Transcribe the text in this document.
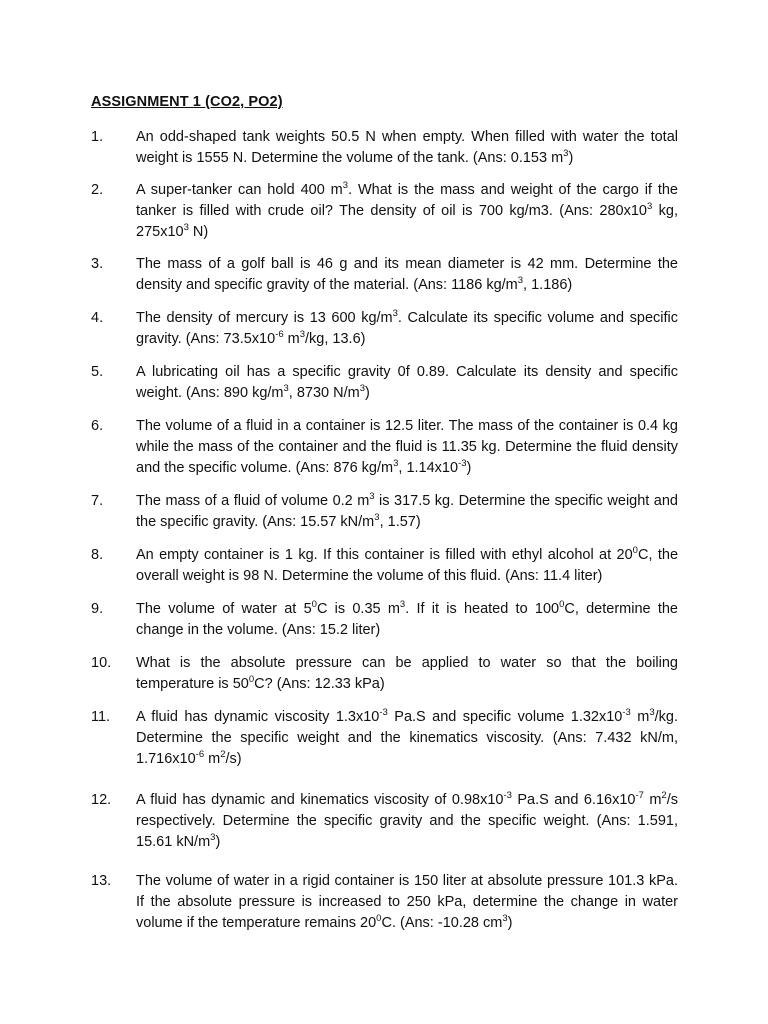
ASSIGNMENT 1 (CO2, PO2)
1. An odd-shaped tank weights 50.5 N when empty. When filled with water the total weight is 1555 N. Determine the volume of the tank. (Ans: 0.153 $m^3$)
2. A super-tanker can hold 400 $m^3$. What is the mass and weight of the cargo if the tanker is filled with crude oil? The density of oil is 700 kg/m3. (Ans: $280x10^3$ kg, $275x10^3$ N)
3. The mass of a golf ball is 46 g and its mean diameter is 42 mm. Determine the density and specific gravity of the material. (Ans: 1186 $kg/m^3$, 1.186)
4. The density of mercury is 13 600 $kg/m^3$. Calculate its specific volume and specific gravity. (Ans: $73.5x10^{-6}$ $m^3/kg$, 13.6)
5. A lubricating oil has a specific gravity 0f 0.89. Calculate its density and specific weight. (Ans: 890 $kg/m^3$, 8730 $N/m^3$)
6. The volume of a fluid in a container is 12.5 liter. The mass of the container is 0.4 kg while the mass of the container and the fluid is 11.35 kg. Determine the fluid density and the specific volume. (Ans: 876 $kg/m^3$, $1.14x10^{-3}$)
7. The mass of a fluid of volume 0.2 $m^3$ is 317.5 kg. Determine the specific weight and the specific gravity. (Ans: 15.57 $kN/m^3$, 1.57)
8. An empty container is 1 kg. If this container is filled with ethyl alcohol at $20^0C$, the overall weight is 98 N. Determine the volume of this fluid. (Ans: 11.4 liter)
9. The volume of water at $5^0C$ is 0.35 $m^3$. If it is heated to $100^0C$, determine the change in the volume. (Ans: 15.2 liter)
10. What is the absolute pressure can be applied to water so that the boiling temperature is $50^0C$? (Ans: 12.33 kPa)
11. A fluid has dynamic viscosity $1.3x10^{-3}$ Pa.S and specific volume $1.32x10^{-3}$ $m^3/kg$. Determine the specific weight and the kinematics viscosity. (Ans: 7.432 kN/m, $1.716x10^{-6}$ $m^2/s$)
12. A fluid has dynamic and kinematics viscosity of $0.98x10^{-3}$ Pa.S and $6.16x10^{-7}$ $m^2/s$ respectively. Determine the specific gravity and the specific weight. (Ans: 1.591, 15.61 $kN/m^3$)
13. The volume of water in a rigid container is 150 liter at absolute pressure 101.3 kPa. If the absolute pressure is increased to 250 kPa, determine the change in water volume if the temperature remains $20^0C$. (Ans: -10.28 $cm^3$)
